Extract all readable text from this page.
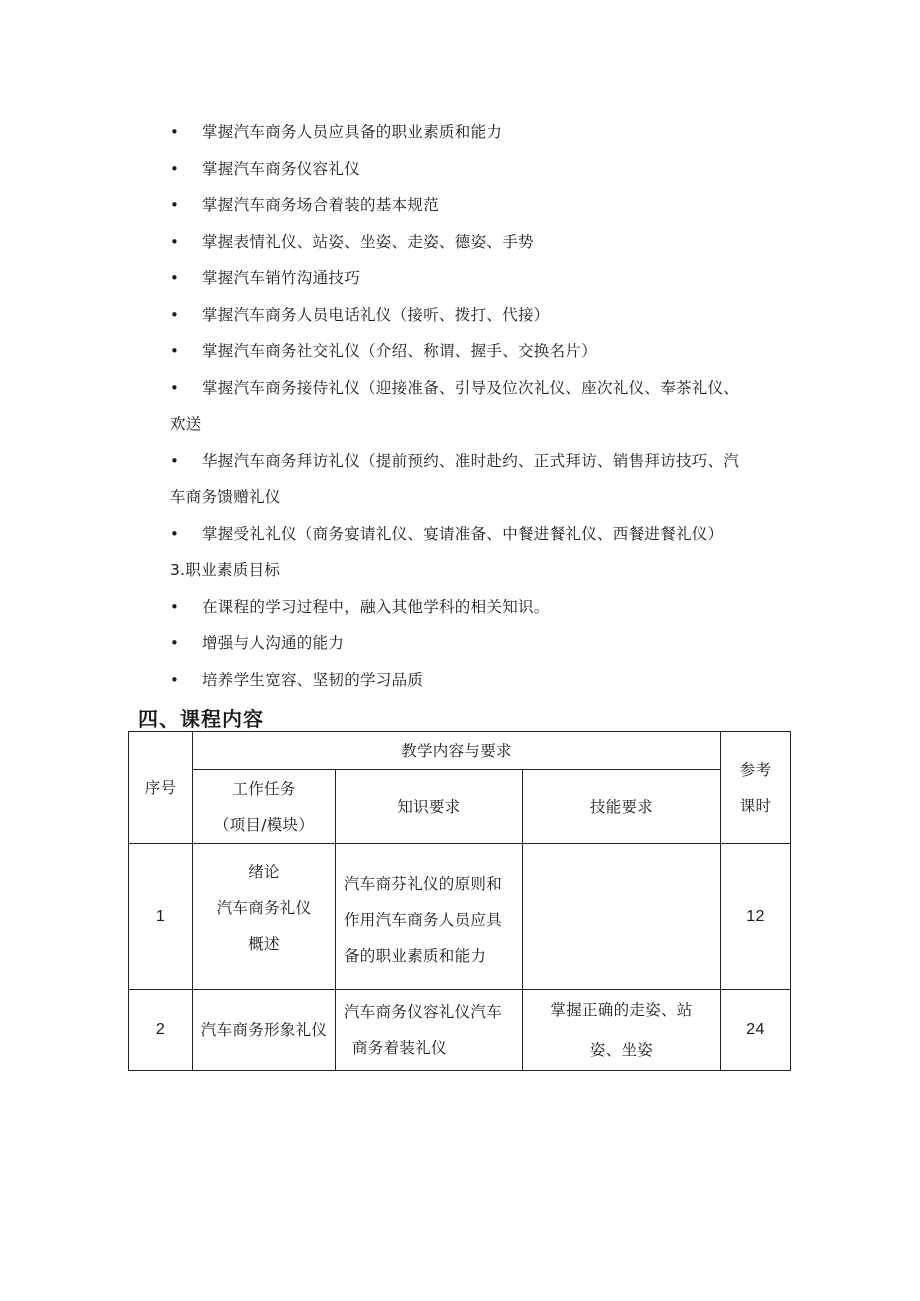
• 掌握汽车商务人员应具备的职业素质和能力
• 掌握汽车商务仪容礼仪
• 掌握汽车商务场合着装的基本规范
• 掌握表情礼仪、站姿、坐姿、走姿、德姿、手势
• 掌握汽车销竹沟通技巧
• 掌握汽车商务人员电话礼仪（接听、拨打、代接）
• 掌握汽车商务社交礼仪（介绍、称谓、握手、交换名片）
• 掌握汽车商务接侍礼仪（迎接准备、引导及位次礼仪、座次礼仪、奉茶礼仪、
欢送
• 华握汽车商务拜访礼仪（提前预约、准时赴约、正式拜访、销售拜访技巧、汽
车商务馈赠礼仪
• 掌握受礼礼仪（商务宴请礼仪、宴请准备、中餐进餐礼仪、西餐进餐礼仪）
3.职业素质目标
• 在课程的学习过程中，融入其他学科的相关知识。
• 增强与人沟通的能力
• 培养学生宽容、坚韧的学习品质
四、课程内容
序号	教学内容与要求			参考
课时

	工作任务
（项目/模块）	知识要求	技能要求	
1	绪论
汽车商务礼仪
概述	汽车商芬礼仪的原则和
作用汽车商务人员应具
备的职业素质和能力		12
2	汽车商务形象礼仪	汽车商务仪容礼仪汽车
商务着装礼仪	掌握正确的走姿、站
姿、坐姿	24
